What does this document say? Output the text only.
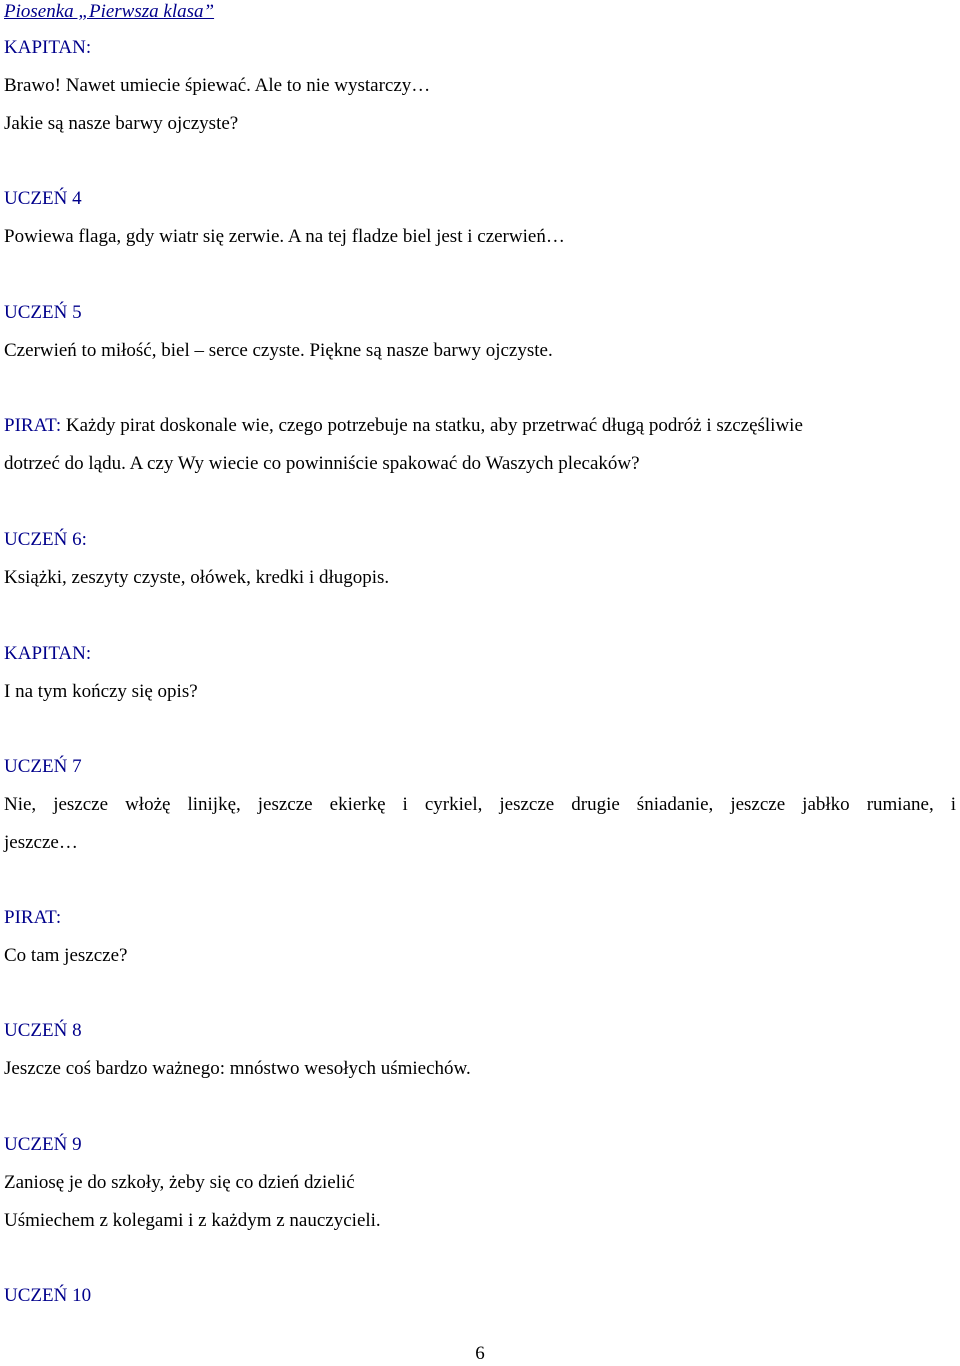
Piosenka „Pierwsza klasa”
KAPITAN:
Brawo! Nawet umiecie śpiewać. Ale to nie wystarczy…
Jakie są nasze barwy ojczyste?
UCZEŃ 4
Powiewa flaga, gdy wiatr się zerwie. A na tej fladze biel jest i czerwień…
UCZEŃ 5
Czerwień to miłość, biel – serce czyste. Piękne są nasze barwy ojczyste.
PIRAT: Każdy pirat doskonale wie, czego potrzebuje na statku, aby przetrwać długą podróż i szczęśliwie
dotrzeć do lądu. A czy Wy wiecie co powinniście spakować do Waszych plecaków?
UCZEŃ 6:
Książki, zeszyty czyste, ołówek, kredki i długopis.
KAPITAN:
I na tym kończy się opis?
UCZEŃ 7
Nie, jeszcze włożę linijkę, jeszcze ekierkę i cyrkiel, jeszcze drugie śniadanie, jeszcze jabłko rumiane, i
jeszcze…
PIRAT:
Co tam jeszcze?
UCZEŃ 8
Jeszcze coś bardzo ważnego: mnóstwo wesołych uśmiechów.
UCZEŃ 9
Zaniosę je do szkoły, żeby się co dzień dzielić
Uśmiechem z kolegami i z każdym z nauczycieli.
UCZEŃ 10
6
